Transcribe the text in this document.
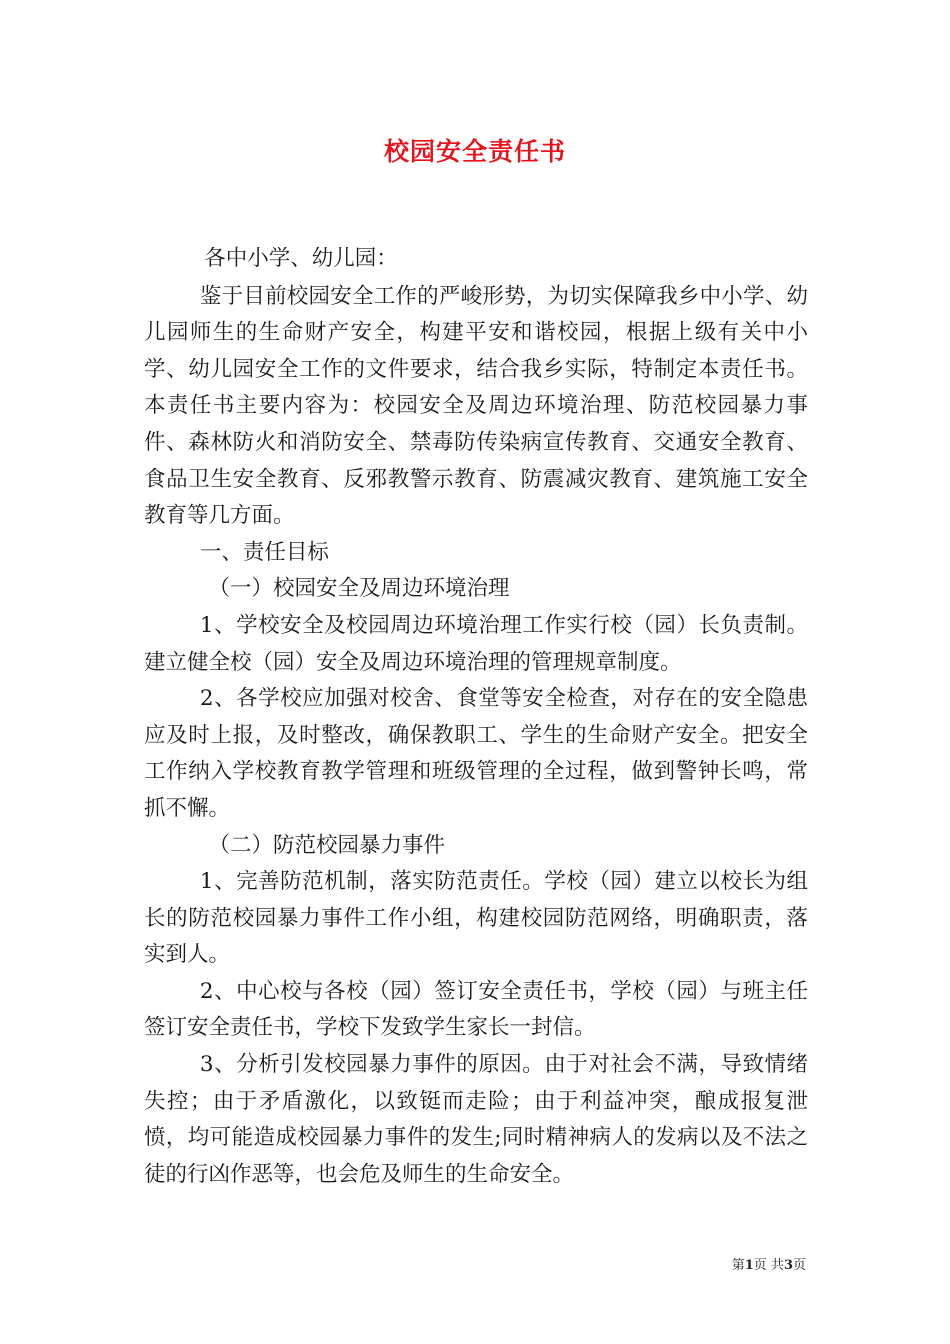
校园安全责任书

各中小学、幼儿园：

鉴于目前校园安全工作的严峻形势，为切实保障我乡中小学、幼儿园师生的生命财产安全，构建平安和谐校园，根据上级有关中小学、幼儿园安全工作的文件要求，结合我乡实际，特制定本责任书。本责任书主要内容为：校园安全及周边环境治理、防范校园暴力事件、森林防火和消防安全、禁毒防传染病宣传教育、交通安全教育、食品卫生安全教育、反邪教警示教育、防震减灾教育、建筑施工安全教育等几方面。

一、责任目标

（一）校园安全及周边环境治理

1、学校安全及校园周边环境治理工作实行校（园）长负责制。建立健全校（园）安全及周边环境治理的管理规章制度。

2、各学校应加强对校舍、食堂等安全检查，对存在的安全隐患应及时上报，及时整改，确保教职工、学生的生命财产安全。把安全工作纳入学校教育教学管理和班级管理的全过程，做到警钟长鸣，常抓不懈。

（二）防范校园暴力事件

1、完善防范机制，落实防范责任。学校（园）建立以校长为组长的防范校园暴力事件工作小组，构建校园防范网络，明确职责，落实到人。

2、中心校与各校（园）签订安全责任书，学校（园）与班主任签订安全责任书，学校下发致学生家长一封信。

3、分析引发校园暴力事件的原因。由于对社会不满，导致情绪失控；由于矛盾激化，以致铤而走险；由于利益冲突，酿成报复泄愤，均可能造成校园暴力事件的发生;同时精神病人的发病以及不法之徒的行凶作恶等，也会危及师生的生命安全。

第1页 共3页
